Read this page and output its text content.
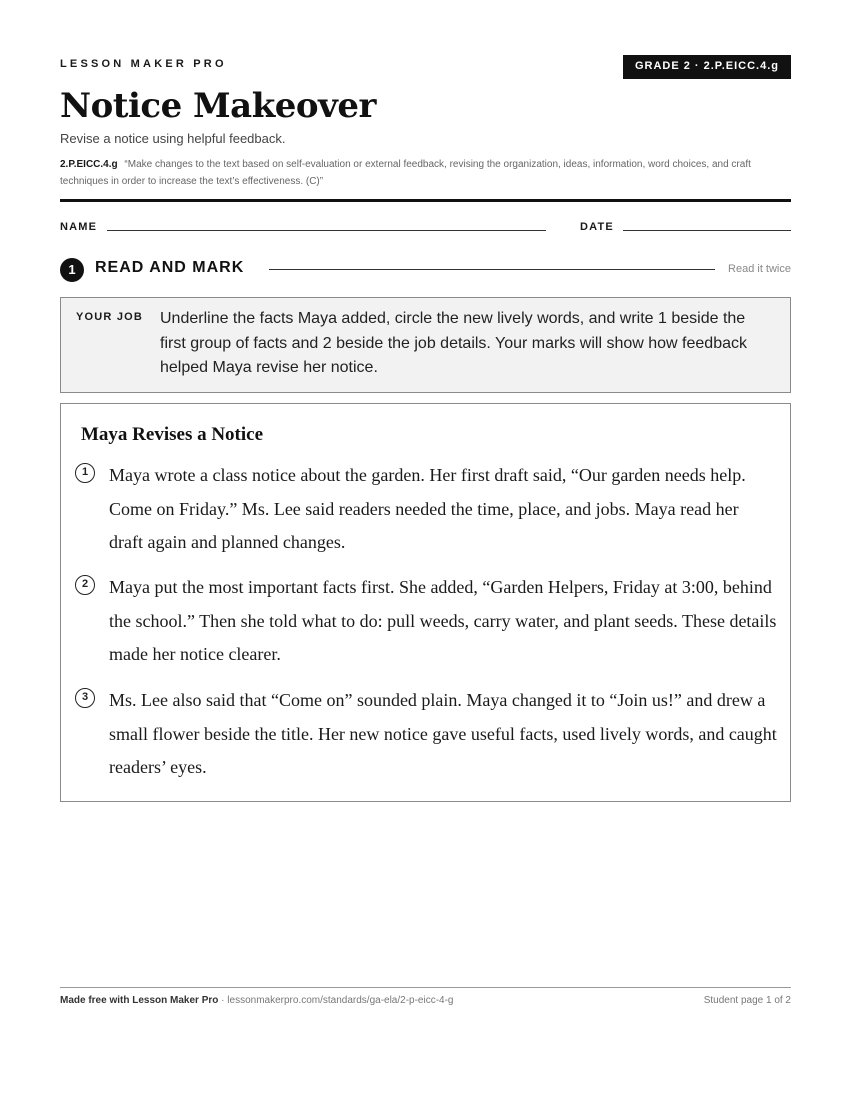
LESSON MAKER PRO	GRADE 2 · 2.P.EICC.4.g
Notice Makeover
Revise a notice using helpful feedback.
2.P.EICC.4.g “Make changes to the text based on self-evaluation or external feedback, revising the organization, ideas, information, word choices, and craft techniques in order to increase the text’s effectiveness. (C)”
NAME	DATE
1	READ AND MARK	Read it twice
YOUR JOB Underline the facts Maya added, circle the new lively words, and write 1 beside the first group of facts and 2 beside the job details. Your marks will show how feedback helped Maya revise her notice.
Maya Revises a Notice
1	Maya wrote a class notice about the garden. Her first draft said, “Our garden needs help. Come on Friday.” Ms. Lee said readers needed the time, place, and jobs. Maya read her draft again and planned changes.
2	Maya put the most important facts first. She added, “Garden Helpers, Friday at 3:00, behind the school.” Then she told what to do: pull weeds, carry water, and plant seeds. These details made her notice clearer.
3	Ms. Lee also said that “Come on” sounded plain. Maya changed it to “Join us!” and drew a small flower beside the title. Her new notice gave useful facts, used lively words, and caught readers’ eyes.
Made free with Lesson Maker Pro · lessonmakerpro.com/standards/ga-ela/2-p-eicc-4-g	Student page 1 of 2
